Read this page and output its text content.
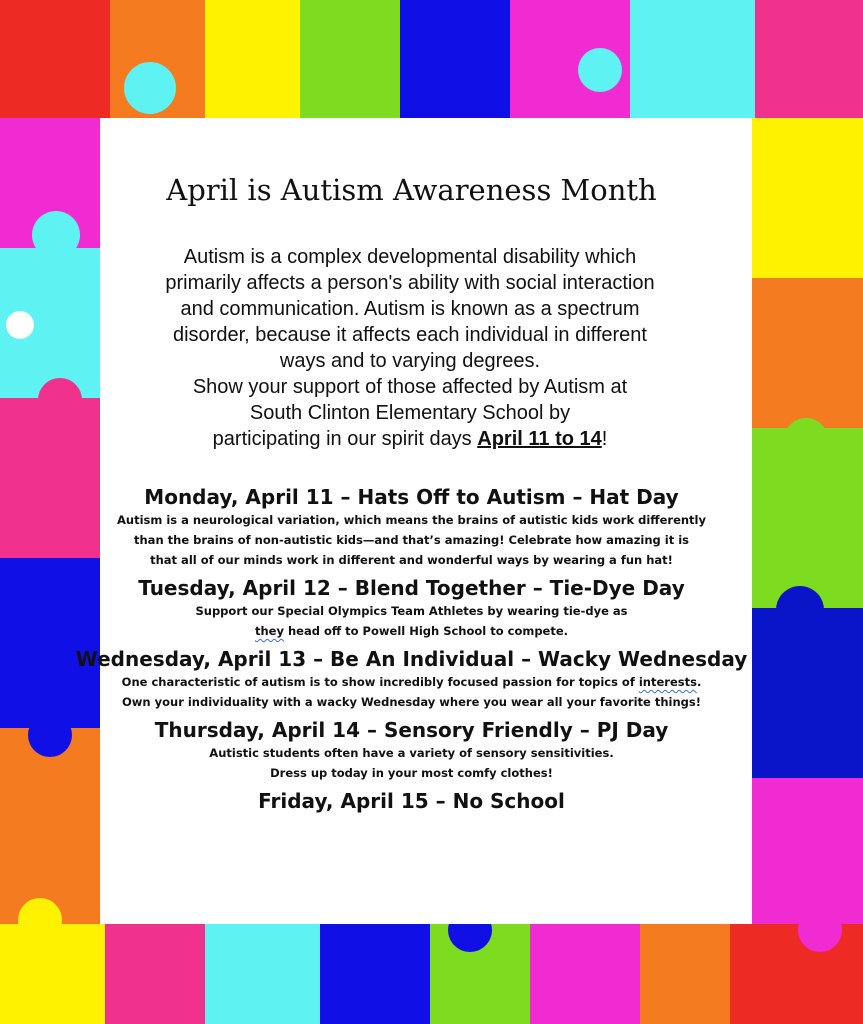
April is Autism Awareness Month
Autism is a complex developmental disability which
primarily affects a person's ability with social interaction
and communication. Autism is known as a spectrum
disorder, because it affects each individual in different
ways and to varying degrees.
Show your support of those affected by Autism at
South Clinton Elementary School by
participating in our spirit days April 11 to 14!
Monday, April 11 – Hats Off to Autism – Hat Day
Autism is a neurological variation, which means the brains of autistic kids work differently
than the brains of non-autistic kids—and that’s amazing! Celebrate how amazing it is
that all of our minds work in different and wonderful ways by wearing a fun hat!
Tuesday, April 12 – Blend Together – Tie-Dye Day
Support our Special Olympics Team Athletes by wearing tie-dye as
they head off to Powell High School to compete.
Wednesday, April 13 – Be An Individual – Wacky Wednesday
One characteristic of autism is to show incredibly focused passion for topics of interests.
Own your individuality with a wacky Wednesday where you wear all your favorite things!
Thursday, April 14 – Sensory Friendly – PJ Day
Autistic students often have a variety of sensory sensitivities.
Dress up today in your most comfy clothes!
Friday, April 15 – No School
